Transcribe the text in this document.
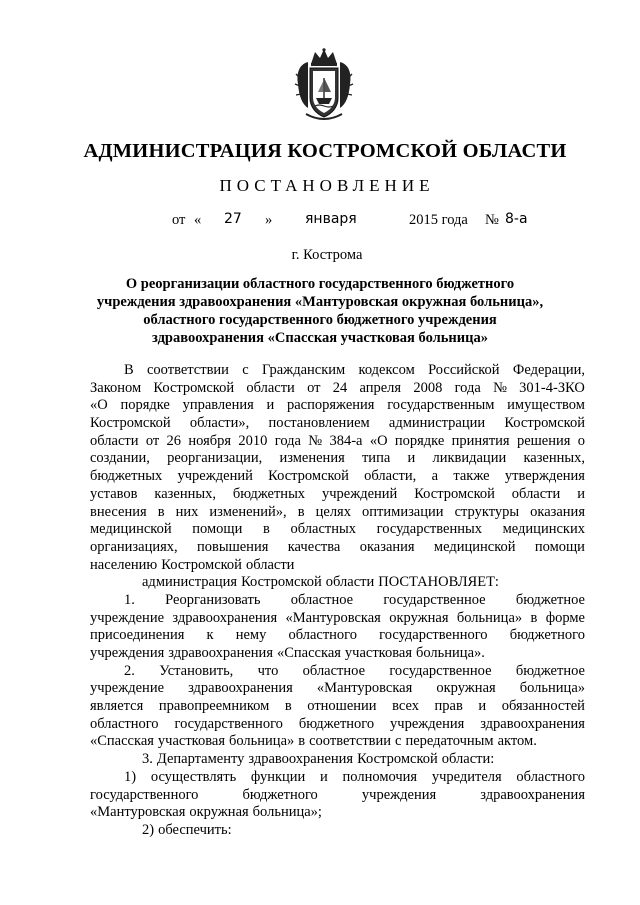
АДМИНИСТРАЦИЯ КОСТРОМСКОЙ ОБЛАСТИ
ПОСТАНОВЛЕНИЕ
от « 27 » января	2015 года № 8-а
г. Кострома
О реорганизации областного государственного бюджетного
учреждения здравоохранения «Мантуровская окружная больница»,
областного государственного бюджетного учреждения
здравоохранения «Спасская участковая больница»
В соответствии с Гражданским кодексом Российской Федерации,
Законом Костромской области от 24 апреля 2008 года № 301-4-ЗКО
«О порядке управления и распоряжения государственным имуществом
Костромской области», постановлением администрации Костромской
области от 26 ноября 2010 года № 384-а «О порядке принятия решения о
создании, реорганизации, изменения типа и ликвидации казенных,
бюджетных учреждений Костромской области, а также утверждения
уставов казенных, бюджетных учреждений Костромской области и
внесения в них изменений», в целях оптимизации структуры оказания
медицинской помощи в областных государственных медицинских
организациях, повышения качества оказания медицинской помощи
населению Костромской области
администрация Костромской области ПОСТАНОВЛЯЕТ:
1. Реорганизовать областное государственное бюджетное
учреждение здравоохранения «Мантуровская окружная больница» в форме
присоединения к нему областного государственного бюджетного
учреждения здравоохранения «Спасская участковая больница».
2. Установить, что областное государственное бюджетное
учреждение здравоохранения «Мантуровская окружная больница»
является правопреемником в отношении всех прав и обязанностей
областного государственного бюджетного учреждения здравоохранения
«Спасская участковая больница» в соответствии с передаточным актом.
3. Департаменту здравоохранения Костромской области:
1) осуществлять функции и полномочия учредителя областного
государственного	бюджетного	учреждения	здравоохранения
«Мантуровская окружная больница»;
2) обеспечить:
